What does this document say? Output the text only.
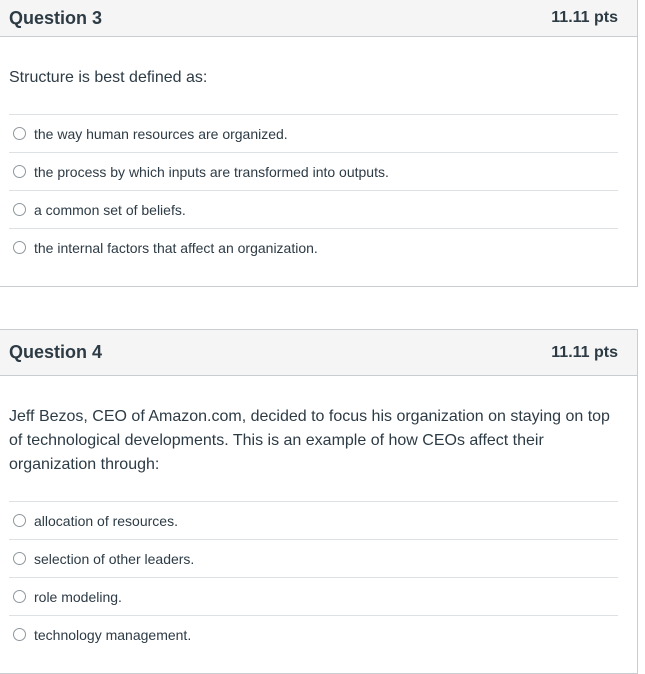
Question 3	11.11 pts
Structure is best defined as:
the way human resources are organized.
the process by which inputs are transformed into outputs.
a common set of beliefs.
the internal factors that affect an organization.
Question 4	11.11 pts
Jeff Bezos, CEO of Amazon.com, decided to focus his organization on staying on top of technological developments. This is an example of how CEOs affect their organization through:
allocation of resources.
selection of other leaders.
role modeling.
technology management.
